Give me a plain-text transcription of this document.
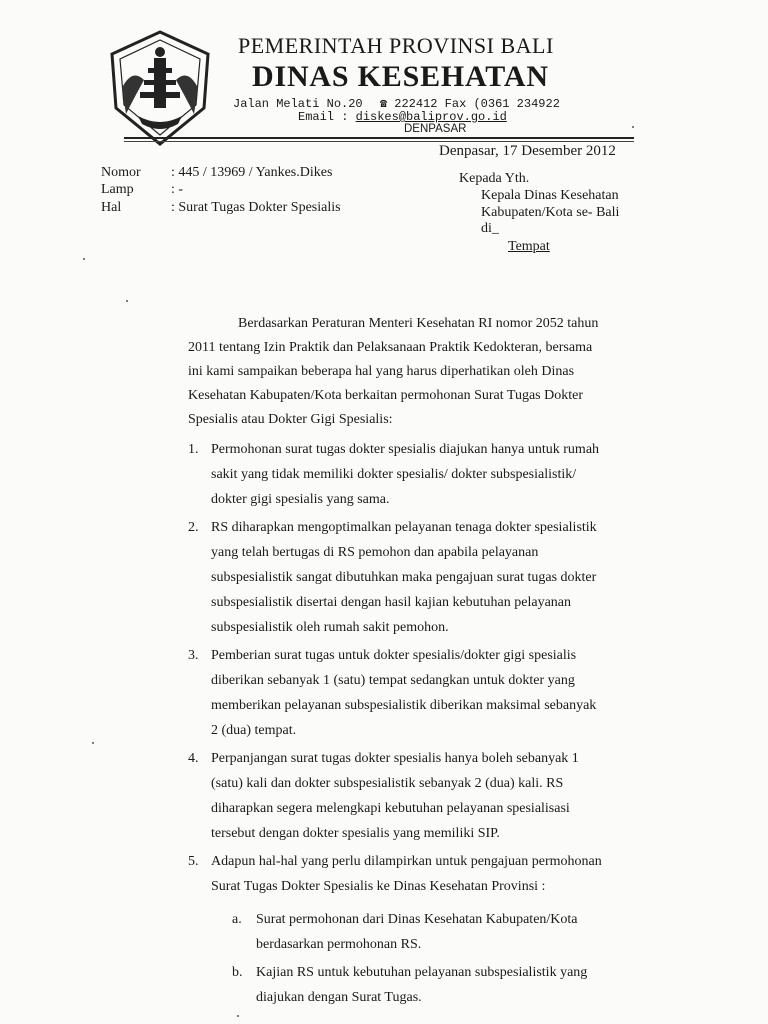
PEMERINTAH PROVINSI BALI
DINAS KESEHATAN
Jalan Melati No.20 ☎ 222412 Fax (0361 234922
Email : diskes@baliprov.go.id
DENPASAR
Denpasar, 17 Desember 2012
Nomor : 445 / 13969 / Yankes.Dikes
Lamp	: -
Hal	: Surat Tugas Dokter Spesialis
Kepada Yth.
Kepala Dinas Kesehatan
Kabupaten/Kota se- Bali
di_
Tempat
Berdasarkan Peraturan Menteri Kesehatan RI nomor 2052 tahun
2011 tentang Izin Praktik dan Pelaksanaan Praktik Kedokteran, bersama
ini kami sampaikan beberapa hal yang harus diperhatikan oleh Dinas
Kesehatan Kabupaten/Kota berkaitan permohonan Surat Tugas Dokter
Spesialis atau Dokter Gigi Spesialis:
1. Permohonan surat tugas dokter spesialis diajukan hanya untuk rumah
sakit yang tidak memiliki dokter spesialis/ dokter subspesialistik/
dokter gigi spesialis yang sama.
2. RS diharapkan mengoptimalkan pelayanan tenaga dokter spesialistik
yang telah bertugas di RS pemohon dan apabila pelayanan
subspesialistik sangat dibutuhkan maka pengajuan surat tugas dokter
subspesialistik disertai dengan hasil kajian kebutuhan pelayanan
subspesialistik oleh rumah sakit pemohon.
3. Pemberian surat tugas untuk dokter spesialis/dokter gigi spesialis
diberikan sebanyak 1 (satu) tempat sedangkan untuk dokter yang
memberikan pelayanan subspesialistik diberikan maksimal sebanyak
2 (dua) tempat.
4. Perpanjangan surat tugas dokter spesialis hanya boleh sebanyak 1
(satu) kali dan dokter subspesialistik sebanyak 2 (dua) kali. RS
diharapkan segera melengkapi kebutuhan pelayanan spesialisasi
tersebut dengan dokter spesialis yang memiliki SIP.
5. Adapun hal-hal yang perlu dilampirkan untuk pengajuan permohonan
Surat Tugas Dokter Spesialis ke Dinas Kesehatan Provinsi :
a. Surat permohonan dari Dinas Kesehatan Kabupaten/Kota
berdasarkan permohonan RS.
b. Kajian RS untuk kebutuhan pelayanan subspesialistik yang
diajukan dengan Surat Tugas.
